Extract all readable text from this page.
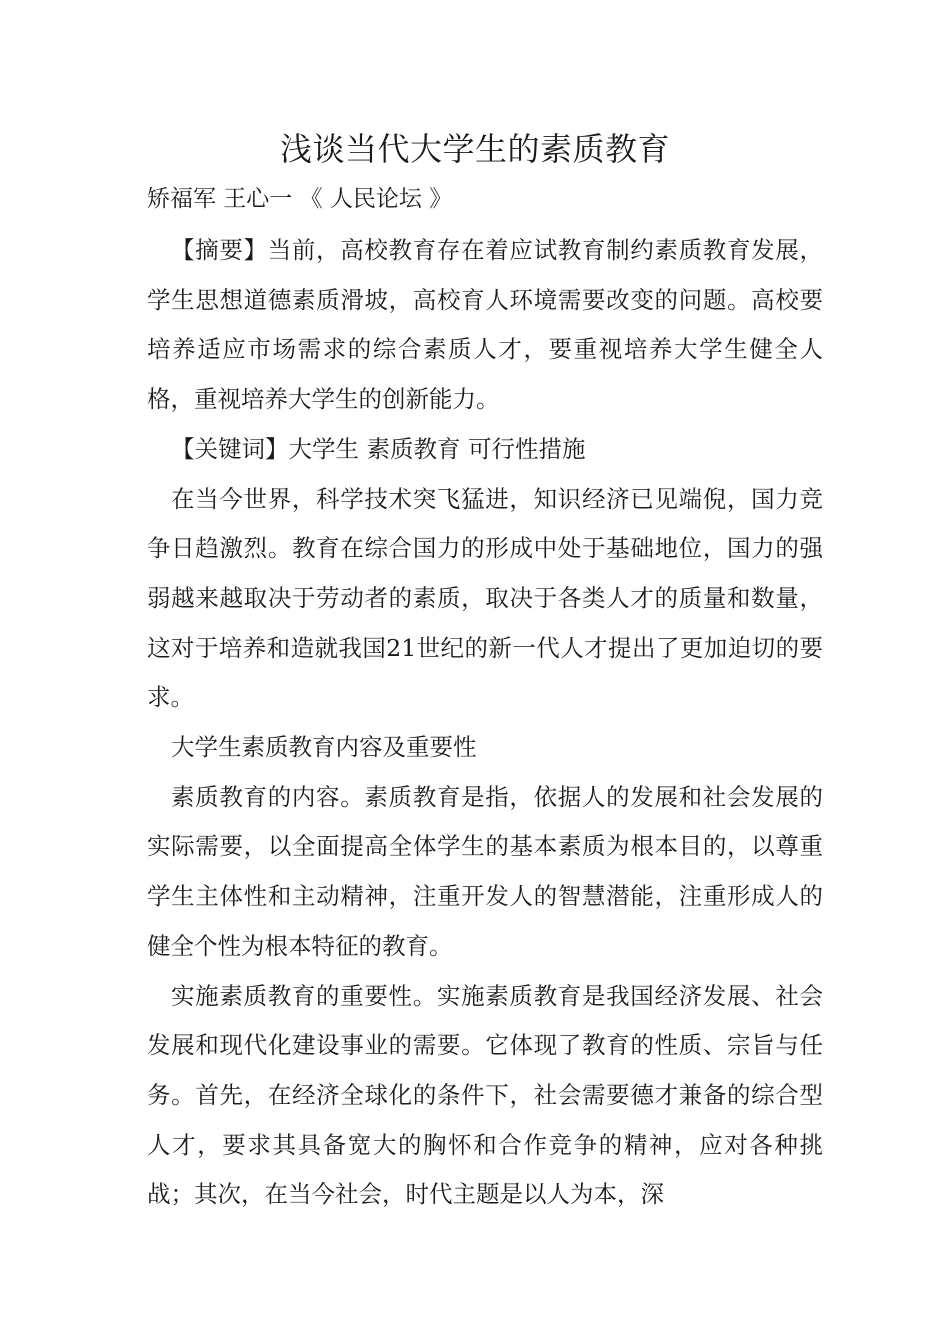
浅谈当代大学生的素质教育

矫福军 王心一 《 人民论坛 》

【摘要】当前，高校教育存在着应试教育制约素质教育发展，学生思想道德素质滑坡，高校育人环境需要改变的问题。高校要培养适应市场需求的综合素质人才，要重视培养大学生健全人格，重视培养大学生的创新能力。

【关键词】大学生 素质教育 可行性措施

在当今世界，科学技术突飞猛进，知识经济已见端倪，国力竞争日趋激烈。教育在综合国力的形成中处于基础地位，国力的强弱越来越取决于劳动者的素质，取决于各类人才的质量和数量，这对于培养和造就我国21世纪的新一代人才提出了更加迫切的要求。

大学生素质教育内容及重要性

素质教育的内容。素质教育是指，依据人的发展和社会发展的实际需要，以全面提高全体学生的基本素质为根本目的，以尊重学生主体性和主动精神，注重开发人的智慧潜能，注重形成人的健全个性为根本特征的教育。

实施素质教育的重要性。实施素质教育是我国经济发展、社会发展和现代化建设事业的需要。它体现了教育的性质、宗旨与任务。首先，在经济全球化的条件下，社会需要德才兼备的综合型人才，要求其具备宽大的胸怀和合作竞争的精神，应对各种挑战；其次，在当今社会，时代主题是以人为本，深
